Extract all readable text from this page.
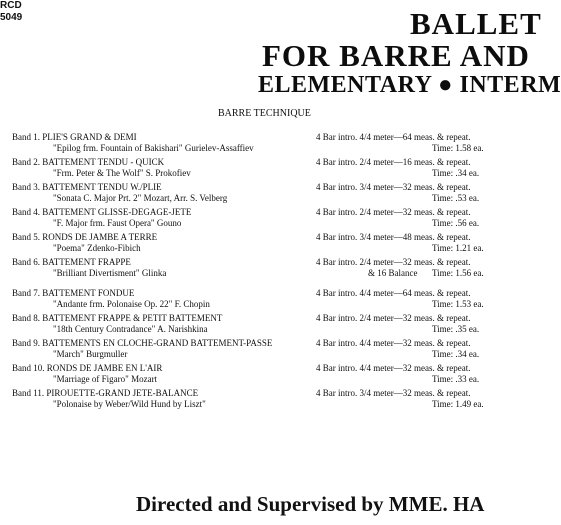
RCD
5049	BALLET
FOR BARRE AND
ELEMENTARY ● INTERM
BARRE TECHNIQUE
Band 1. PLIE'S GRAND & DEMI
"Epilog frm. Fountain of Bakishari" Gurielev-Assaffiev
4 Bar intro. 4/4 meter—64 meas. & repeat.
Time: 1.58 ea.
Band 2. BATTEMENT TENDU - QUICK
"Frm. Peter & The Wolf" S. Prokofiev
4 Bar intro. 2/4 meter—16 meas. & repeat.
Time: .34 ea.
Band 3. BATTEMENT TENDU W./PLIE
"Sonata C. Major Prt. 2" Mozart, Arr. S. Velberg
4 Bar intro. 3/4 meter—32 meas. & repeat.
Time: .53 ea.
Band 4. BATTEMENT GLISSE-DEGAGE-JETE
"F. Major frm. Faust Opera" Gouno
4 Bar intro. 2/4 meter—32 meas. & repeat.
Time: .56 ea.
Band 5. RONDS DE JAMBE A TERRE
"Poema" Zdenko-Fibich
4 Bar intro. 3/4 meter—48 meas. & repeat.
Time: 1.21 ea.
Band 6. BATTEMENT FRAPPE
"Brilliant Divertisment" Glinka
4 Bar intro. 2/4 meter—32 meas. & repeat.
& 16 Balance Time: 1.56 ea.
Band 7. BATTEMENT FONDUE
"Andante frm. Polonaise Op. 22" F. Chopin
4 Bar intro. 4/4 meter—64 meas. & repeat.
Time: 1.53 ea.
Band 8. BATTEMENT FRAPPE & PETIT BATTEMENT
"18th Century Contradance" A. Narishkina
4 Bar intro. 2/4 meter—32 meas. & repeat.
Time: .35 ea.
Band 9. BATTEMENTS EN CLOCHE-GRAND BATTEMENT-PASSE
"March" Burgmuller
4 Bar intro. 4/4 meter—32 meas. & repeat.
Time: .34 ea.
Band 10. RONDS DE JAMBE EN L'AIR
"Marriage of Figaro" Mozart
4 Bar intro. 4/4 meter—32 meas. & repeat.
Time: .33 ea.
Band 11. PIROUETTE-GRAND JETE-BALANCE
"Polonaise by Weber/Wild Hund by Liszt"
4 Bar intro. 3/4 meter—32 meas. & repeat.
Time: 1.49 ea.
Directed and Supervised by MME. HA
